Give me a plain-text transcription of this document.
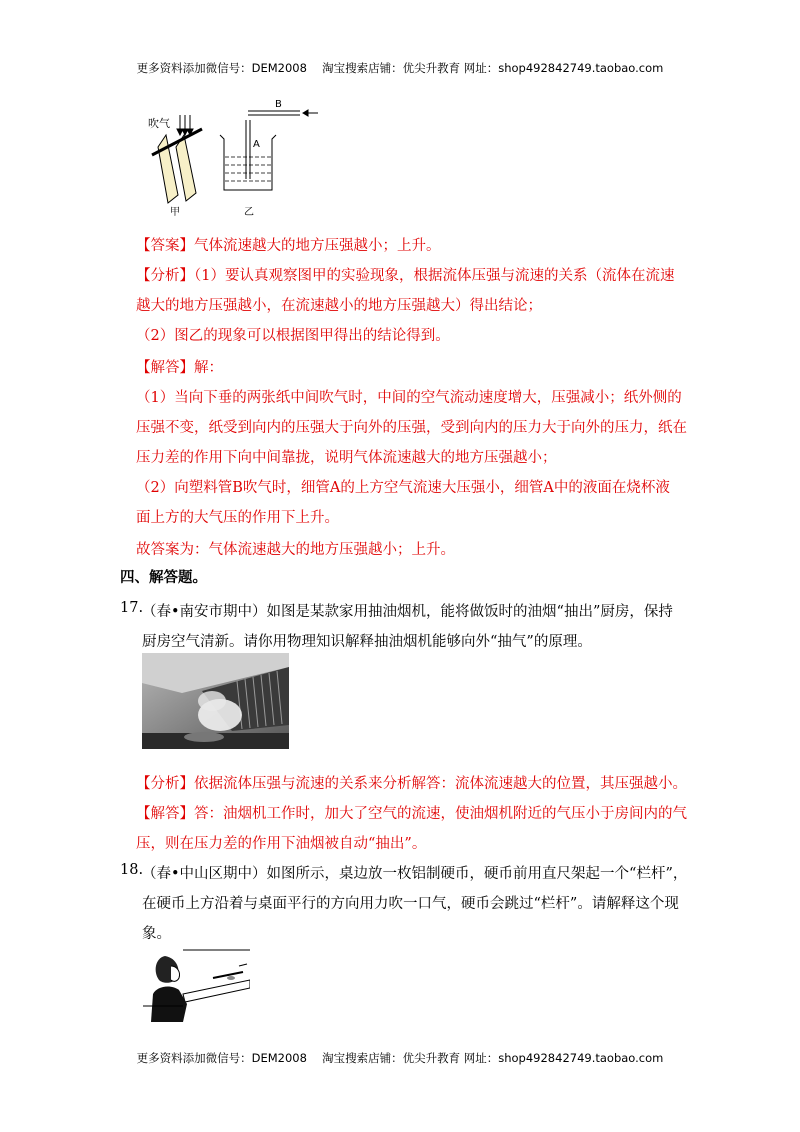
更多资料添加微信号：DEM2008　 淘宝搜索店铺：优尖升教育 网址：shop492842749.taobao.com
吹气
甲
B
A
乙
【答案】气体流速越大的地方压强越小；上升。
【分析】（1）要认真观察图甲的实验现象，根据流体压强与流速的关系（流体在流速
越大的地方压强越小，在流速越小的地方压强越大）得出结论；
（2）图乙的现象可以根据图甲得出的结论得到。
【解答】解：
（1）当向下垂的两张纸中间吹气时，中间的空气流动速度增大，压强减小；纸外侧的
压强不变，纸受到向内的压强大于向外的压强，受到向内的压力大于向外的压力，纸在
压力差的作用下向中间靠拢，说明气体流速越大的地方压强越小；
（2）向塑料管B吹气时，细管A的上方空气流速大压强小，细管A中的液面在烧杯液
面上方的大气压的作用下上升。
故答案为：气体流速越大的地方压强越小；上升。
四、解答题。
17.
（春•南安市期中）如图是某款家用抽油烟机，能将做饭时的油烟“抽出”厨房，保持
厨房空气清新。请你用物理知识解释抽油烟机能够向外“抽气”的原理。
【分析】依据流体压强与流速的关系来分析解答：流体流速越大的位置，其压强越小。
【解答】答：油烟机工作时，加大了空气的流速，使油烟机附近的气压小于房间内的气
压，则在压力差的作用下油烟被自动“抽出”。
18.
（春•中山区期中）如图所示，桌边放一枚铝制硬币，硬币前用直尺架起一个“栏杆”，
在硬币上方沿着与桌面平行的方向用力吹一口气，硬币会跳过“栏杆”。请解释这个现
象。
更多资料添加微信号：DEM2008　 淘宝搜索店铺：优尖升教育 网址：shop492842749.taobao.com
